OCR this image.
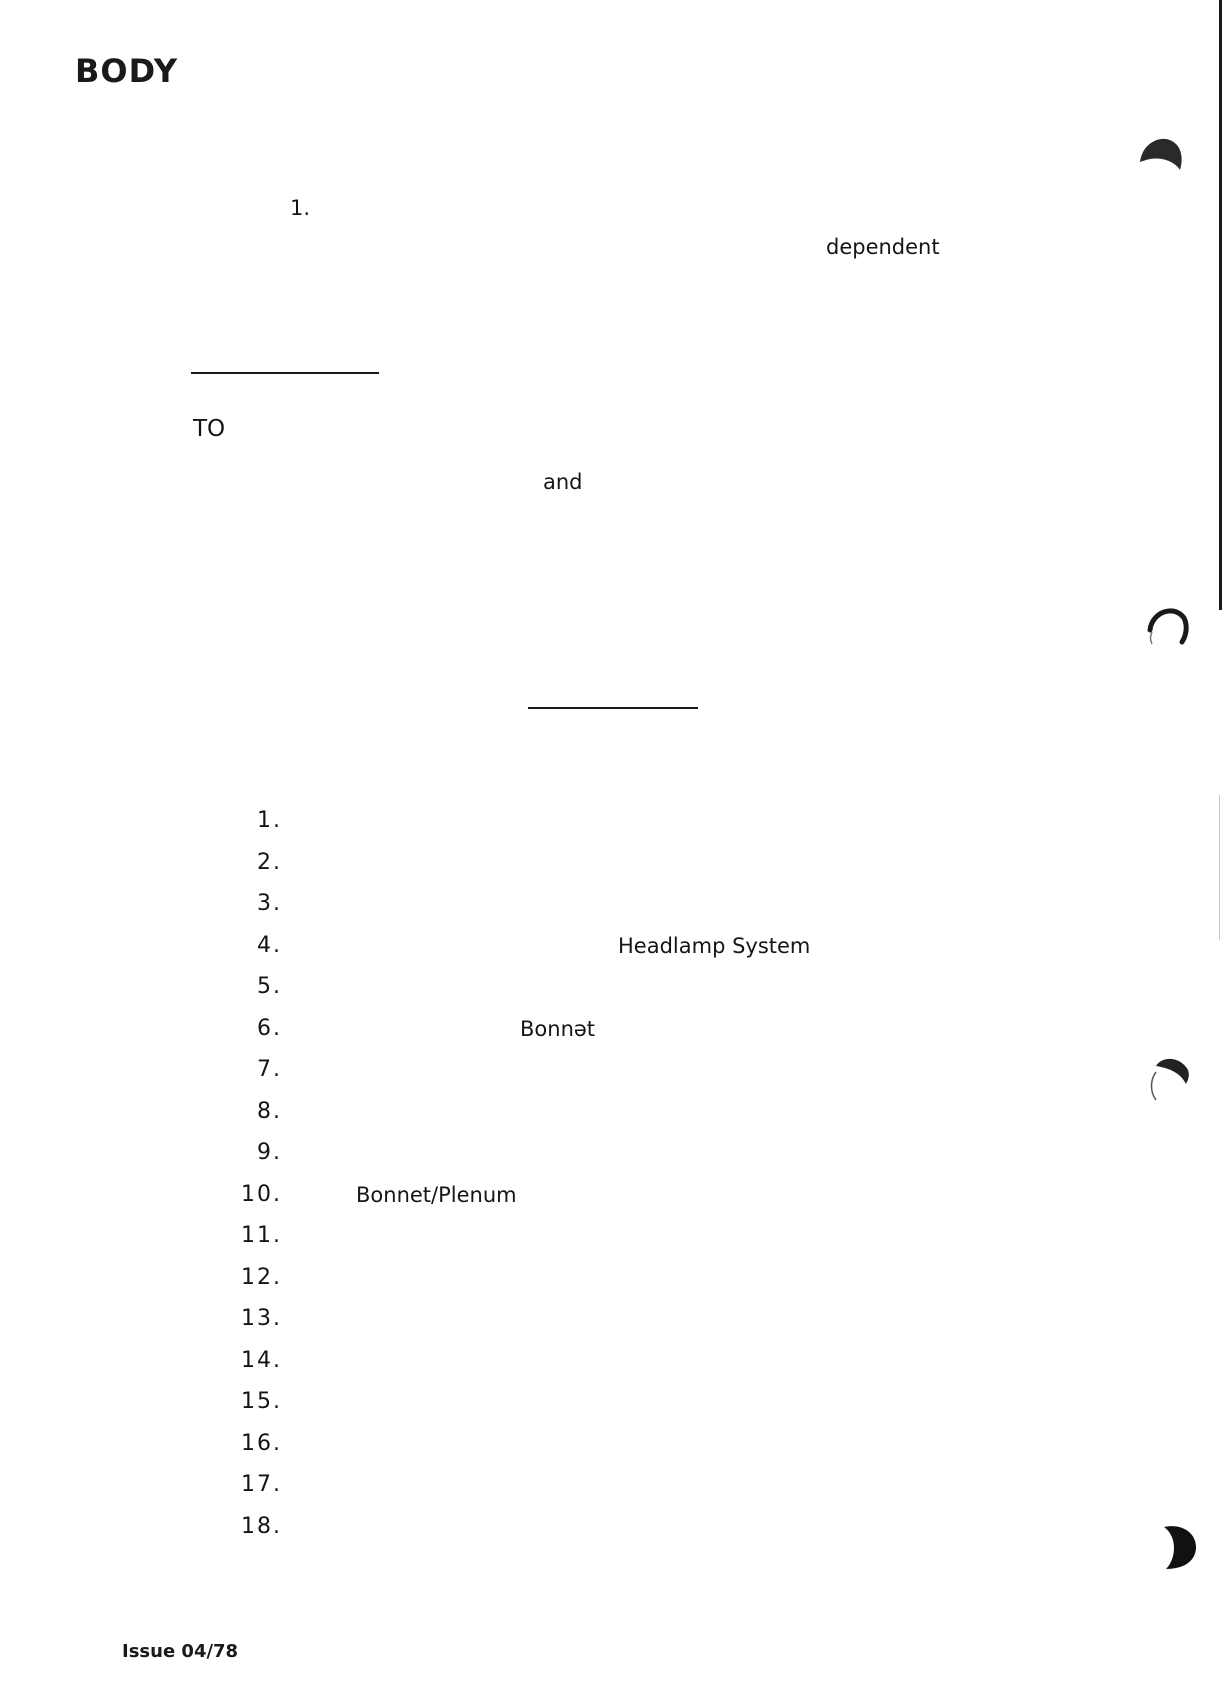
BODY
1.
dependent
TO
and
1.
2.
3.
4.	Headlamp System
5.
6.	Bonnət
7.
8.
9.
10.	Bonnet/Plenum
11.
12.
13.
14.
15.
16.
17.
18.
Issue 04/78
